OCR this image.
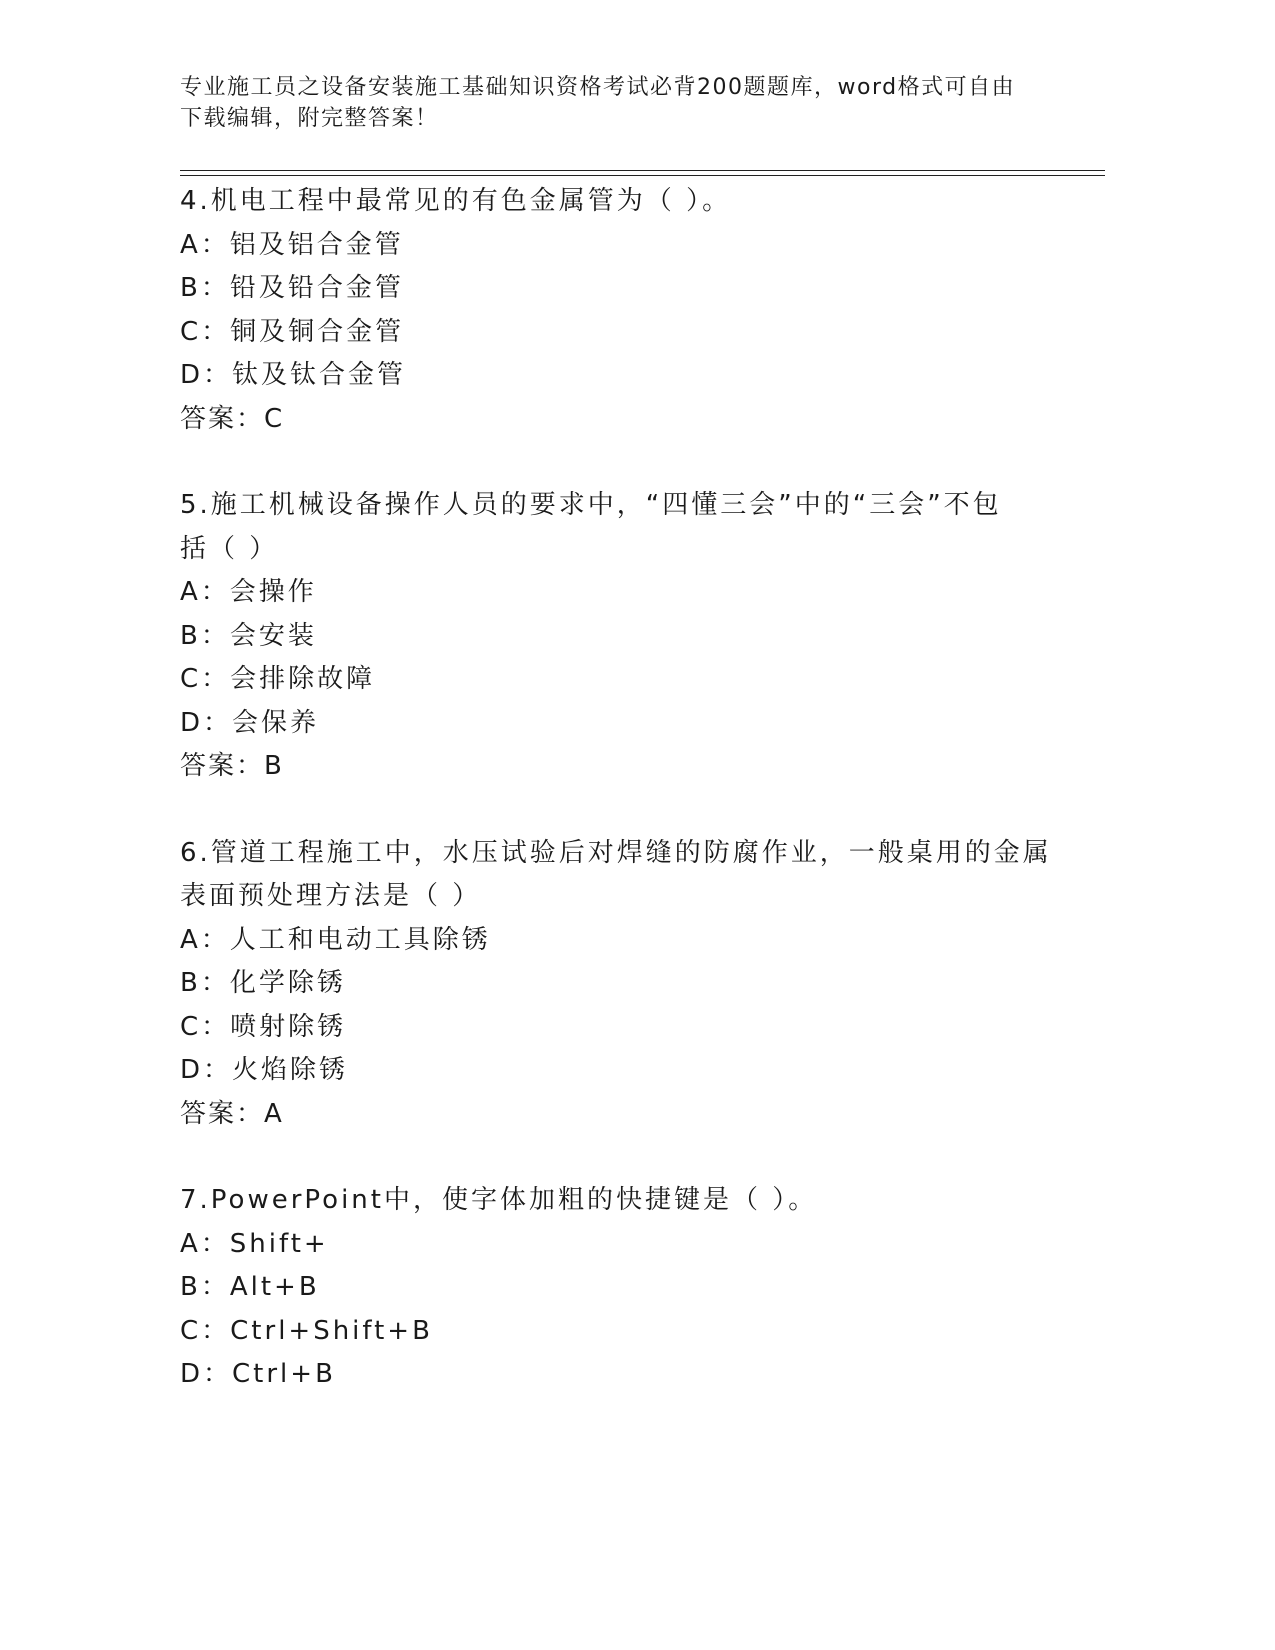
专业施工员之设备安装施工基础知识资格考试必背200题题库，word格式可自由
下载编辑，附完整答案！

4.机电工程中最常见的有色金属管为（ ）。

A：铝及铝合金管

B：铅及铅合金管

C：铜及铜合金管

D：钛及钛合金管

答案：C

5.施工机械设备操作人员的要求中，“四懂三会”中的“三会”不包

括（ ）

A：会操作

B：会安装

C：会排除故障

D：会保养

答案：B

6.管道工程施工中，水压试验后对焊缝的防腐作业，一般桌用的金属

表面预处理方法是（ ）

A：人工和电动工具除锈

B：化学除锈

C：喷射除锈

D：火焰除锈

答案：A

7.PowerPoint中，使字体加粗的快捷键是（ ）。

A：Shift+

B：Alt+B

C：Ctrl+Shift+B

D：Ctrl+B
